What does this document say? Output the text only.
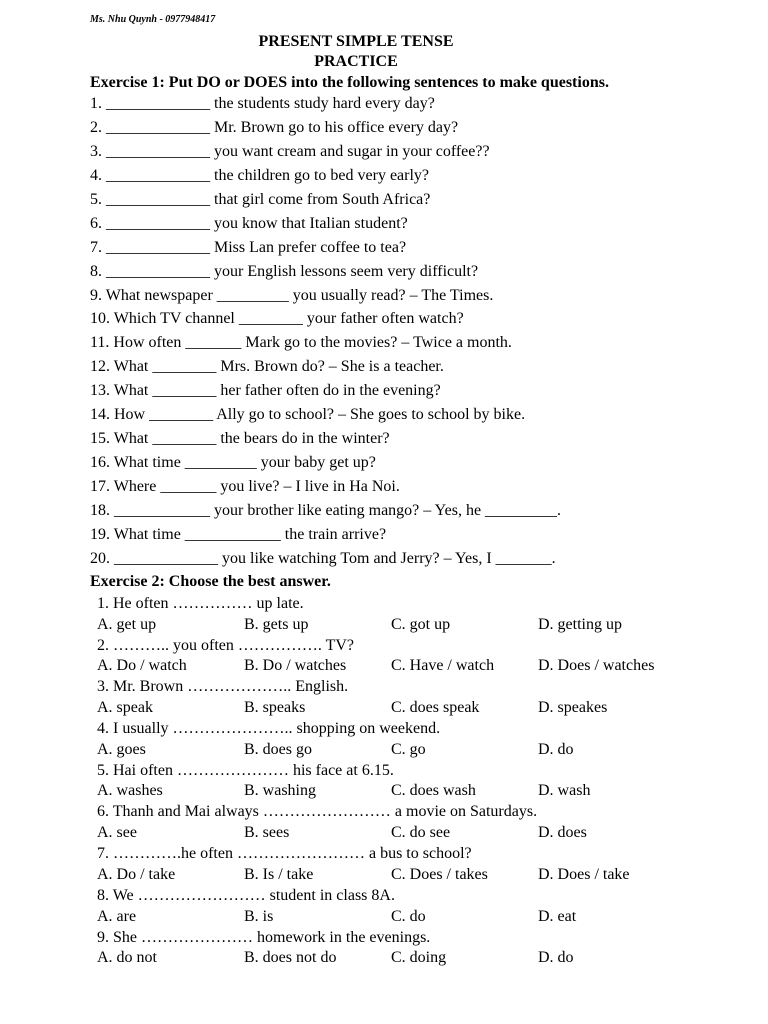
Ms. Nhu Quynh - 0977948417
PRESENT SIMPLE TENSE
PRACTICE
Exercise 1: Put DO or DOES into the following sentences to make questions.
1. _____________ the students study hard every day?
2. _____________ Mr. Brown go to his office every day?
3. _____________ you want cream and sugar in your coffee??
4. _____________ the children go to bed very early?
5. _____________ that girl come from South Africa?
6. _____________ you know that Italian student?
7. _____________ Miss Lan prefer coffee to tea?
8. _____________ your English lessons seem very difficult?
9. What newspaper _________ you usually read? – The Times.
10. Which TV channel ________ your father often watch?
11. How often _______ Mark go to the movies? – Twice a month.
12. What ________ Mrs. Brown do? – She is a teacher.
13. What ________ her father often do in the evening?
14. How ________ Ally go to school? – She goes to school by bike.
15. What ________ the bears do in the winter?
16. What time _________ your baby get up?
17. Where _______ you live? – I live in Ha Noi.
18. ____________ your brother like eating mango? – Yes, he _________.
19. What time ____________ the train arrive?
20. _____________ you like watching Tom and Jerry? – Yes, I _______.
Exercise 2: Choose the best answer.
1. He often …………… up late.
A. get up	B. gets up	C. got up	D. getting up
2. ……….. you often ……………. TV?
A. Do / watch	B. Do / watches	C. Have / watch	D. Does / watches
3. Mr. Brown ……………….. English.
A. speak	B. speaks	C. does speak	D. speakes
4. I usually ………………….. shopping on weekend.
A. goes	B. does go	C. go	D. do
5. Hai often ………………… his face at 6.15.
A. washes	B. washing	C. does wash	D. wash
6. Thanh and Mai always …………………… a movie on Saturdays.
A. see	B. sees	C. do see	D. does
7. ………….he often …………………… a bus to school?
A. Do / take	B. Is / take	C. Does / takes	D. Does / take
8. We …………………… student in class 8A.
A. are	B. is	C. do	D. eat
9. She ………………… homework in the evenings.
A. do not	B. does not do	C. doing	D. do
